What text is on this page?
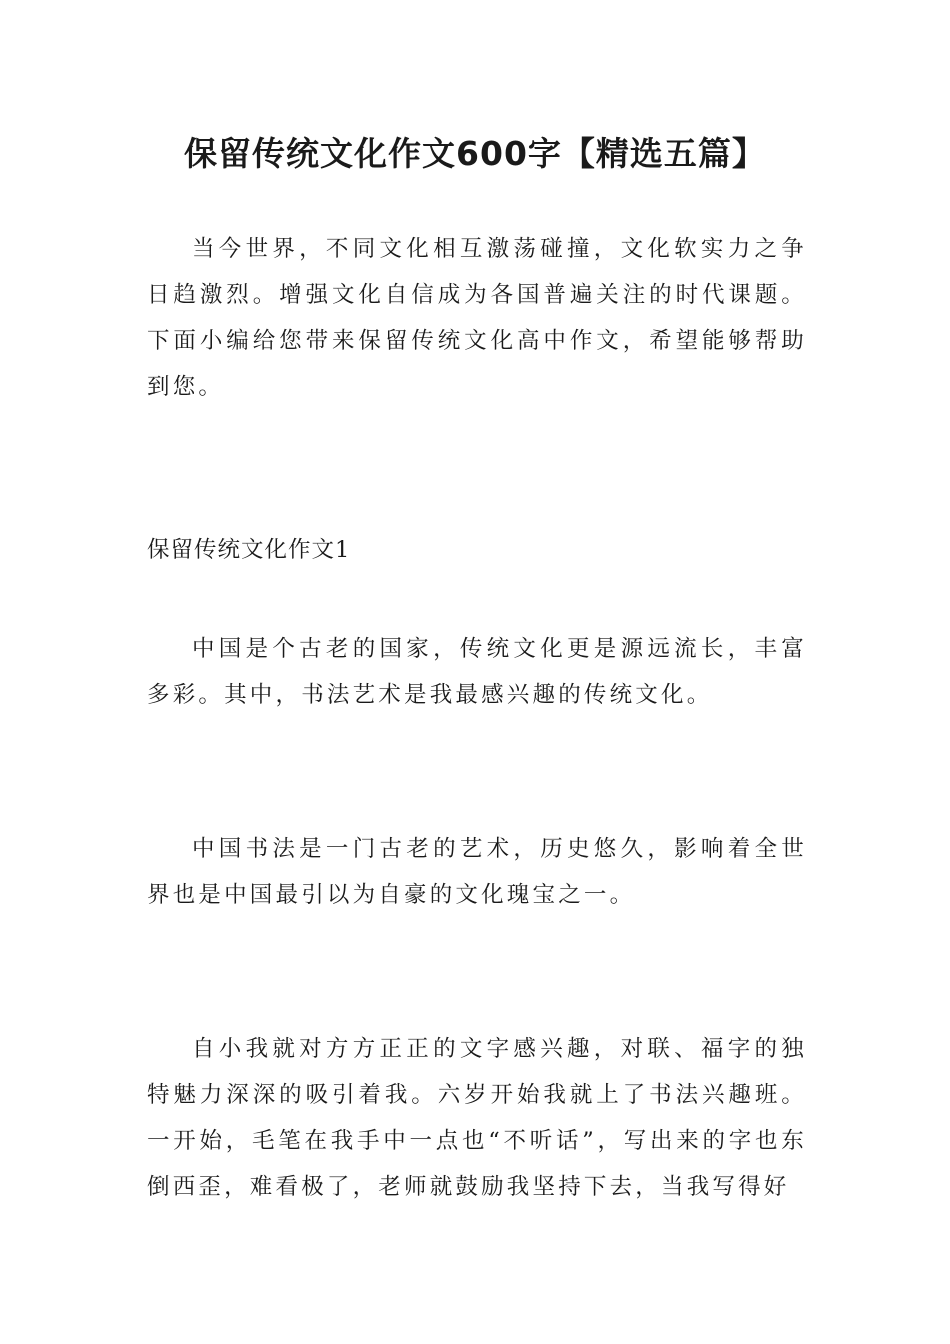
保留传统文化作文600字【精选五篇】

当今世界，不同文化相互激荡碰撞，文化软实力之争日趋激烈。增强文化自信成为各国普遍关注的时代课题。下面小编给您带来保留传统文化高中作文，希望能够帮助到您。

保留传统文化作文1

中国是个古老的国家，传统文化更是源远流长，丰富多彩。其中，书法艺术是我最感兴趣的传统文化。

中国书法是一门古老的艺术，历史悠久，影响着全世界也是中国最引以为自豪的文化瑰宝之一。

自小我就对方方正正的文字感兴趣，对联、福字的独特魅力深深的吸引着我。六岁开始我就上了书法兴趣班。一开始，毛笔在我手中一点也“不听话”，写出来的字也东倒西歪，难看极了，老师就鼓励我坚持下去，当我写得好
